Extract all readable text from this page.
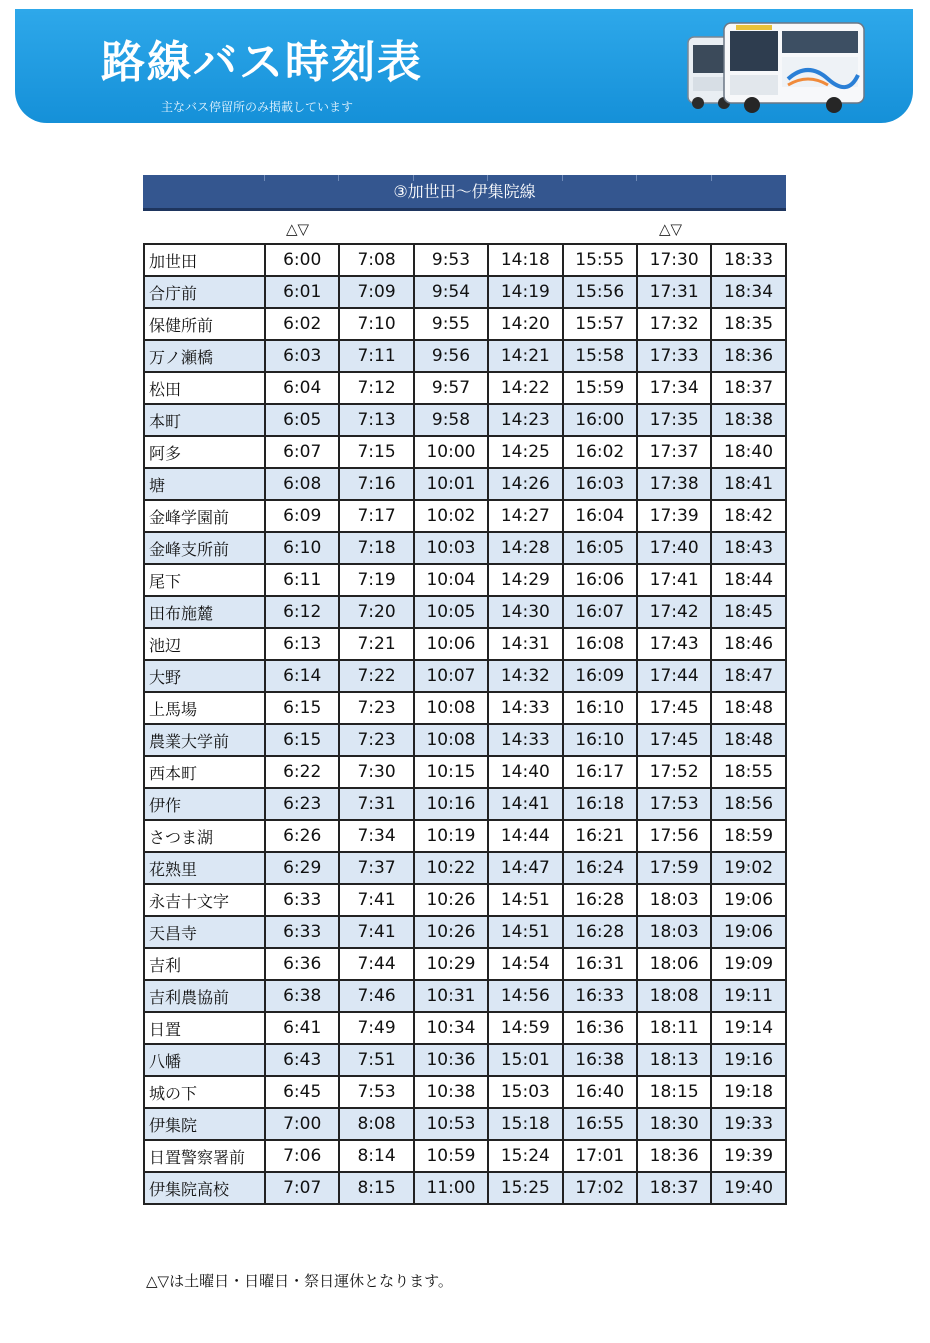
路線バス時刻表
主なバス停留所のみ掲載しています
③加世田～伊集院線
△▽	△▽
加世田	6:00	7:08	9:53	14:18	15:55	17:30	18:33
合庁前	6:01	7:09	9:54	14:19	15:56	17:31	18:34
保健所前	6:02	7:10	9:55	14:20	15:57	17:32	18:35
万ノ瀬橋	6:03	7:11	9:56	14:21	15:58	17:33	18:36
松田	6:04	7:12	9:57	14:22	15:59	17:34	18:37
本町	6:05	7:13	9:58	14:23	16:00	17:35	18:38
阿多	6:07	7:15	10:00	14:25	16:02	17:37	18:40
塘	6:08	7:16	10:01	14:26	16:03	17:38	18:41
金峰学園前	6:09	7:17	10:02	14:27	16:04	17:39	18:42
金峰支所前	6:10	7:18	10:03	14:28	16:05	17:40	18:43
尾下	6:11	7:19	10:04	14:29	16:06	17:41	18:44
田布施麓	6:12	7:20	10:05	14:30	16:07	17:42	18:45
池辺	6:13	7:21	10:06	14:31	16:08	17:43	18:46
大野	6:14	7:22	10:07	14:32	16:09	17:44	18:47
上馬場	6:15	7:23	10:08	14:33	16:10	17:45	18:48
農業大学前	6:15	7:23	10:08	14:33	16:10	17:45	18:48
西本町	6:22	7:30	10:15	14:40	16:17	17:52	18:55
伊作	6:23	7:31	10:16	14:41	16:18	17:53	18:56
さつま湖	6:26	7:34	10:19	14:44	16:21	17:56	18:59
花熟里	6:29	7:37	10:22	14:47	16:24	17:59	19:02
永吉十文字	6:33	7:41	10:26	14:51	16:28	18:03	19:06
天昌寺	6:33	7:41	10:26	14:51	16:28	18:03	19:06
吉利	6:36	7:44	10:29	14:54	16:31	18:06	19:09
吉利農協前	6:38	7:46	10:31	14:56	16:33	18:08	19:11
日置	6:41	7:49	10:34	14:59	16:36	18:11	19:14
八幡	6:43	7:51	10:36	15:01	16:38	18:13	19:16
城の下	6:45	7:53	10:38	15:03	16:40	18:15	19:18
伊集院	7:00	8:08	10:53	15:18	16:55	18:30	19:33
日置警察署前	7:06	8:14	10:59	15:24	17:01	18:36	19:39
伊集院高校	7:07	8:15	11:00	15:25	17:02	18:37	19:40
△▽は土曜日・日曜日・祭日運休となります。
